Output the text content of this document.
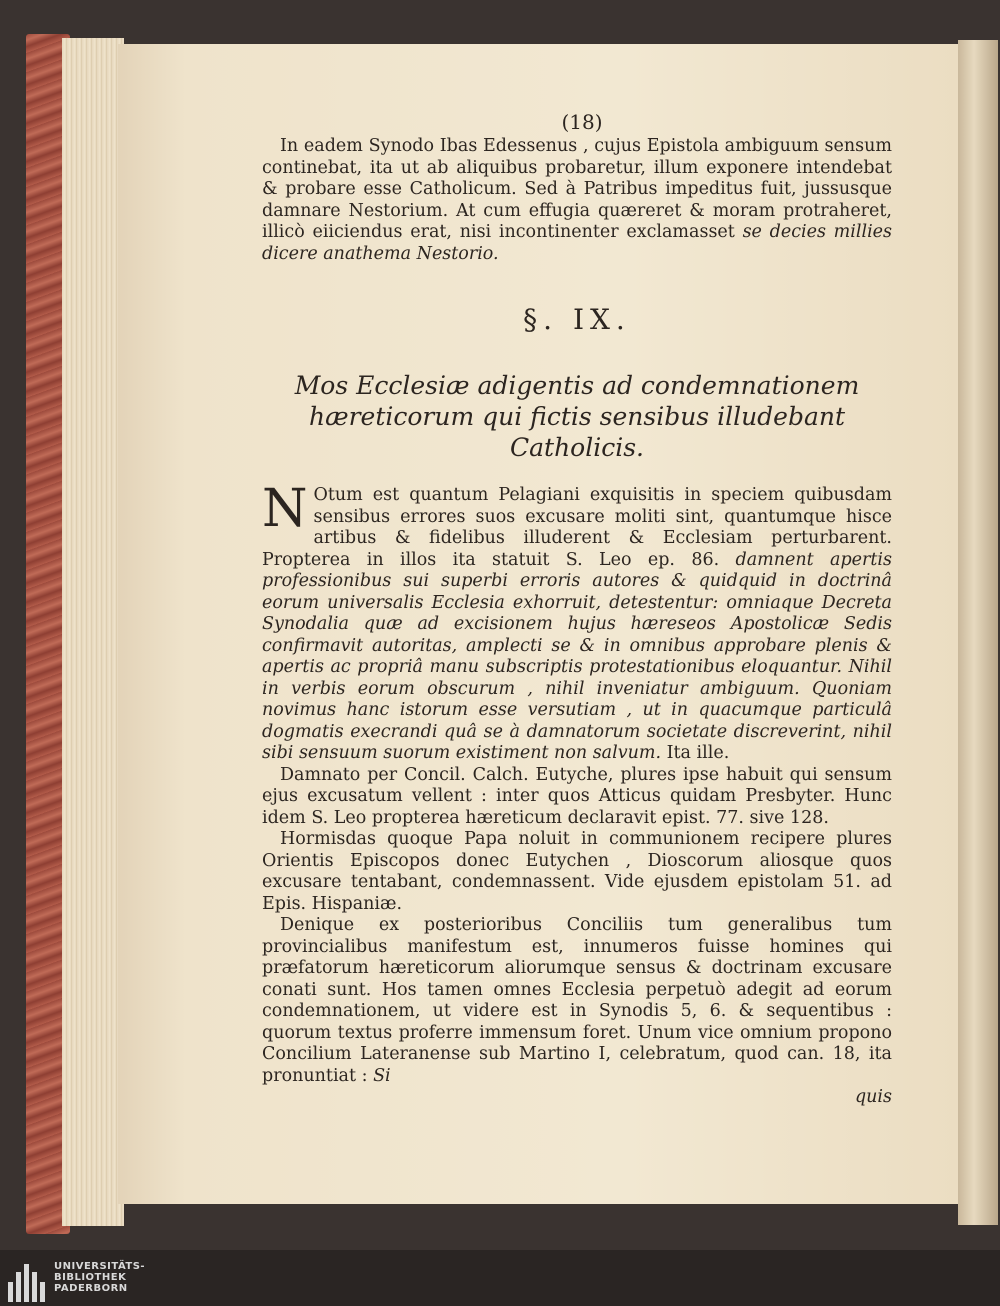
(18)

In eadem Synodo Ibas Edessenus , cujus Epistola ambiguum sensum continebat, ita ut ab aliquibus probaretur, illum exponere intendebat & probare esse Catholicum. Sed à Patribus impeditus fuit, jussusque damnare Nestorium. At cum effugia quæreret & moram protraheret, illicò eiiciendus erat, nisi incontinenter exclamasset se decies millies dicere anathema Nestorio.

§. IX.
Mos Ecclesiæ adigentis ad condemnationem hæreticorum qui fictis sensibus illudebant Catholicis.

N Otum est quantum Pelagiani exquisitis in speciem quibusdam sensibus errores suos excusare moliti sint, quantumque hisce artibus & fidelibus illuderent & Ecclesiam perturbarent. Propterea in illos ita statuit S. Leo ep. 86. damnent apertis professionibus sui superbi erroris autores & quidquid in doctrinâ eorum universalis Ecclesia exhorruit, detestentur: omniaque Decreta Synodalia quæ ad excisionem hujus hæreseos Apostolicæ Sedis confirmavit autoritas, amplecti se & in omnibus approbare plenis & apertis ac propriâ manu subscriptis protestationibus eloquantur. Nihil in verbis eorum obscurum , nihil inveniatur ambiguum. Quoniam novimus hanc istorum esse versutiam , ut in quacumque particulâ dogmatis execrandi quâ se à damnatorum societate discreverint, nihil sibi sensuum suorum existiment non salvum. Ita ille.

Damnato per Concil. Calch. Eutyche, plures ipse habuit qui sensum ejus excusatum vellent : inter quos Atticus quidam Presbyter. Hunc idem S. Leo propterea hæreticum declaravit epist. 77. sive 128.

Hormisdas quoque Papa noluit in communionem recipere plures Orientis Episcopos donec Eutychen , Dioscorum aliosque quos excusare tentabant, condemnassent. Vide ejusdem epistolam 51. ad Epis. Hispaniæ.

Denique ex posterioribus Conciliis tum generalibus tum provincialibus manifestum est, innumeros fuisse homines qui præfatorum hæreticorum aliorumque sensus & doctrinam excusare conati sunt. Hos tamen omnes Ecclesia perpetuò adegit ad eorum condemnationem, ut videre est in Synodis 5, 6. & sequentibus : quorum textus proferre immensum foret. Unum vice omnium propono Concilium Lateranense sub Martino I, celebratum, quod can. 18, ita pronuntiat : Si

quis
UNIVERSITÄTS-
BIBLIOTHEK
PADERBORN
